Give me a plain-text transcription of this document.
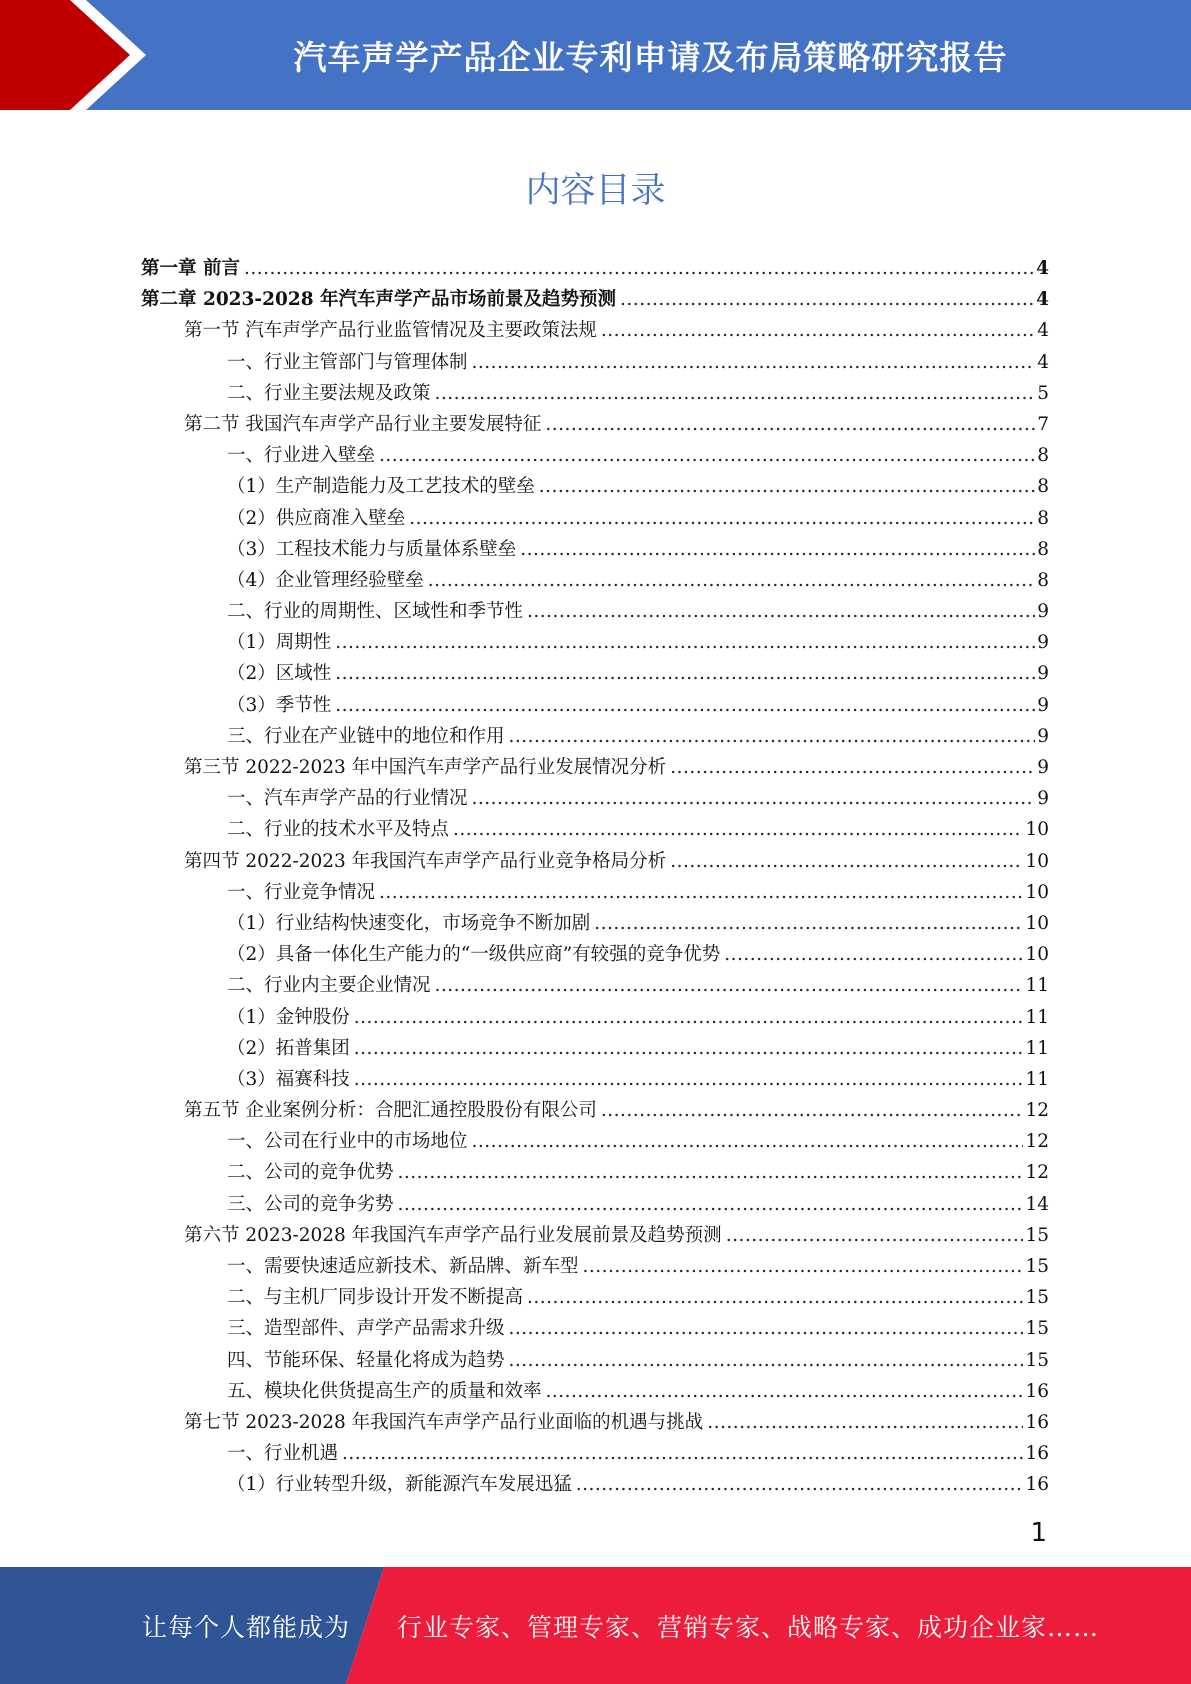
汽车声学产品企业专利申请及布局策略研究报告
内容目录
第一章 前言 .....	4
第二章 2023-2028 年汽车声学产品市场前景及趋势预测 .....	4
第一节 汽车声学产品行业监管情况及主要政策法规 .....	4
一、行业主管部门与管理体制 .....	4
二、行业主要法规及政策 .....	5
第二节 我国汽车声学产品行业主要发展特征 .....	7
一、行业进入壁垒 .....	8
（1）生产制造能力及工艺技术的壁垒 .....	8
（2）供应商准入壁垒 .....	8
（3）工程技术能力与质量体系壁垒 .....	8
（4）企业管理经验壁垒 .....	8
二、行业的周期性、区域性和季节性 .....	9
（1）周期性 .....	9
（2）区域性 .....	9
（3）季节性 .....	9
三、行业在产业链中的地位和作用 .....	9
第三节 2022-2023 年中国汽车声学产品行业发展情况分析 .....	9
一、汽车声学产品的行业情况 .....	9
二、行业的技术水平及特点 .....	10
第四节 2022-2023 年我国汽车声学产品行业竞争格局分析 .....	10
一、行业竞争情况 .....	10
（1）行业结构快速变化，市场竞争不断加剧 .....	10
（2）具备一体化生产能力的“一级供应商”有较强的竞争优势 .....	10
二、行业内主要企业情况 .....	11
（1）金钟股份 .....	11
（2）拓普集团 .....	11
（3）福赛科技 .....	11
第五节 企业案例分析：合肥汇通控股股份有限公司 .....	12
一、公司在行业中的市场地位 .....	12
二、公司的竞争优势 .....	12
三、公司的竞争劣势 .....	14
第六节 2023-2028 年我国汽车声学产品行业发展前景及趋势预测 .....	15
一、需要快速适应新技术、新品牌、新车型 .....	15
二、与主机厂同步设计开发不断提高 .....	15
三、造型部件、声学产品需求升级 .....	15
四、节能环保、轻量化将成为趋势 .....	15
五、模块化供货提高生产的质量和效率 .....	16
第七节 2023-2028 年我国汽车声学产品行业面临的机遇与挑战 .....	16
一、行业机遇 .....	16
（1）行业转型升级，新能源汽车发展迅猛 .....	16
1
让每个人都能成为 行业专家、管理专家、营销专家、战略专家、成功企业家……
